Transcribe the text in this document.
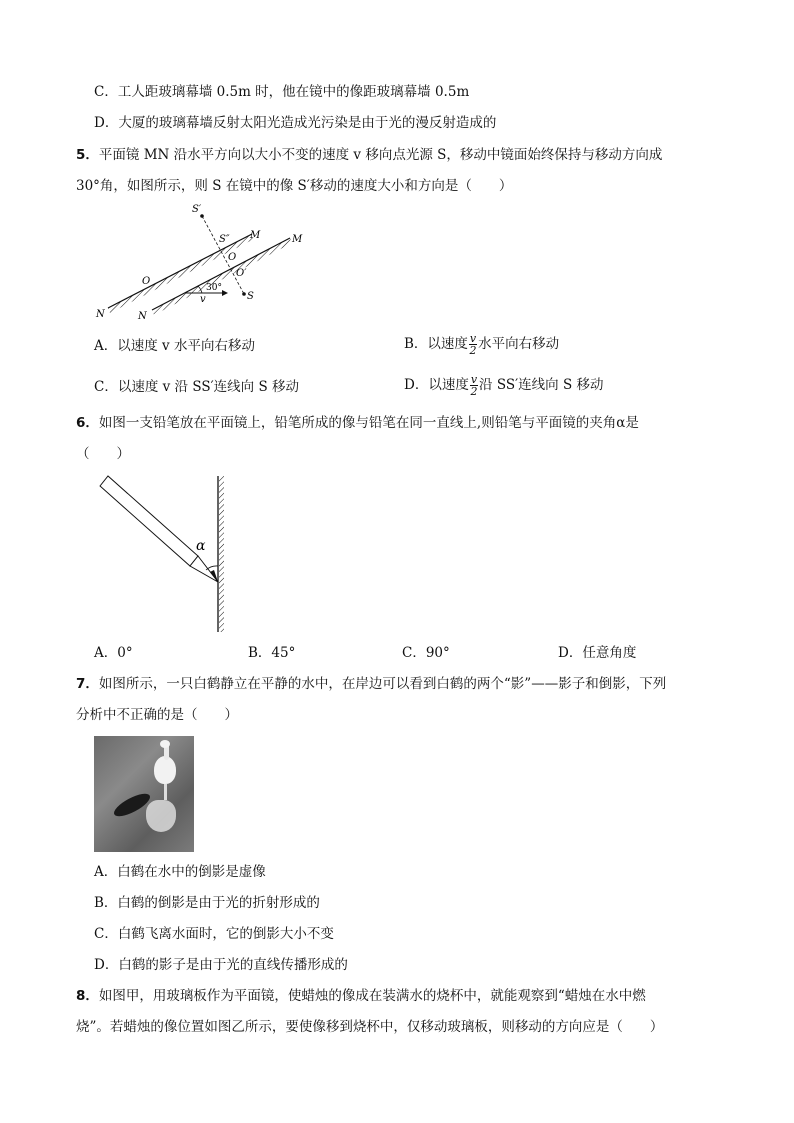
C．工人距玻璃幕墙 0.5m 时，他在镜中的像距玻璃幕墙 0.5m
D．大厦的玻璃幕墙反射太阳光造成光污染是由于光的漫反射造成的
5．平面镜 MN 沿水平方向以大小不变的速度 v 移向点光源 S，移动中镜面始终保持与移动方向成
30°角，如图所示，则 S 在镜中的像 S′移动的速度大小和方向是（　　）
S′
S″ M	M
O
O
O′
S
N	N
30°
v
A．以速度 v 水平向右移动	B．以速度 $\frac{v}{2}$ 水平向右移动
C．以速度 v 沿 SS′连线向 S 移动	D．以速度 $\frac{v}{2}$ 沿 SS′连线向 S 移动
6．如图一支铅笔放在平面镜上，铅笔所成的像与铅笔在同一直线上,则铅笔与平面镜的夹角α是
（　　）
α
A．0°	B．45°	C．90°	D．任意角度
7．如图所示，一只白鹤静立在平静的水中，在岸边可以看到白鹤的两个“影”——影子和倒影，下列
分析中不正确的是（　　）
A．白鹤在水中的倒影是虚像
B．白鹤的倒影是由于光的折射形成的
C．白鹤飞离水面时，它的倒影大小不变
D．白鹤的影子是由于光的直线传播形成的
8．如图甲，用玻璃板作为平面镜，使蜡烛的像成在装满水的烧杯中，就能观察到“蜡烛在水中燃
烧”。若蜡烛的像位置如图乙所示，要使像移到烧杯中，仅移动玻璃板，则移动的方向应是（　　）
